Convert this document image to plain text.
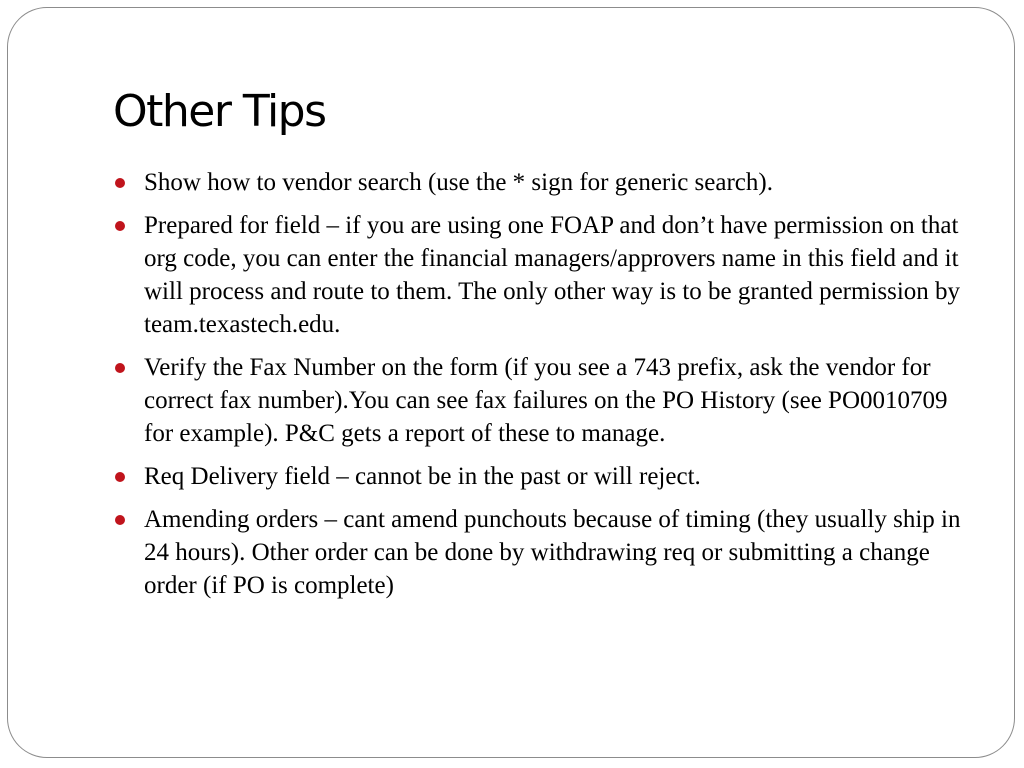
Other Tips
Show how to vendor search (use the * sign for generic search).
Prepared for field – if you are using one FOAP and don’t have permission on that org code, you can enter the financial managers/approvers name in this field and it will process and route to them. The only other way is to be granted permission by team.texastech.edu.
Verify the Fax Number on the form (if you see a 743 prefix, ask the vendor for correct fax number).You can see fax failures on the PO History (see PO0010709 for example). P&C gets a report of these to manage.
Req Delivery field – cannot be in the past or will reject.
Amending orders – cant amend punchouts because of timing (they usually ship in 24 hours). Other order can be done by withdrawing req or submitting a change order (if PO is complete)
